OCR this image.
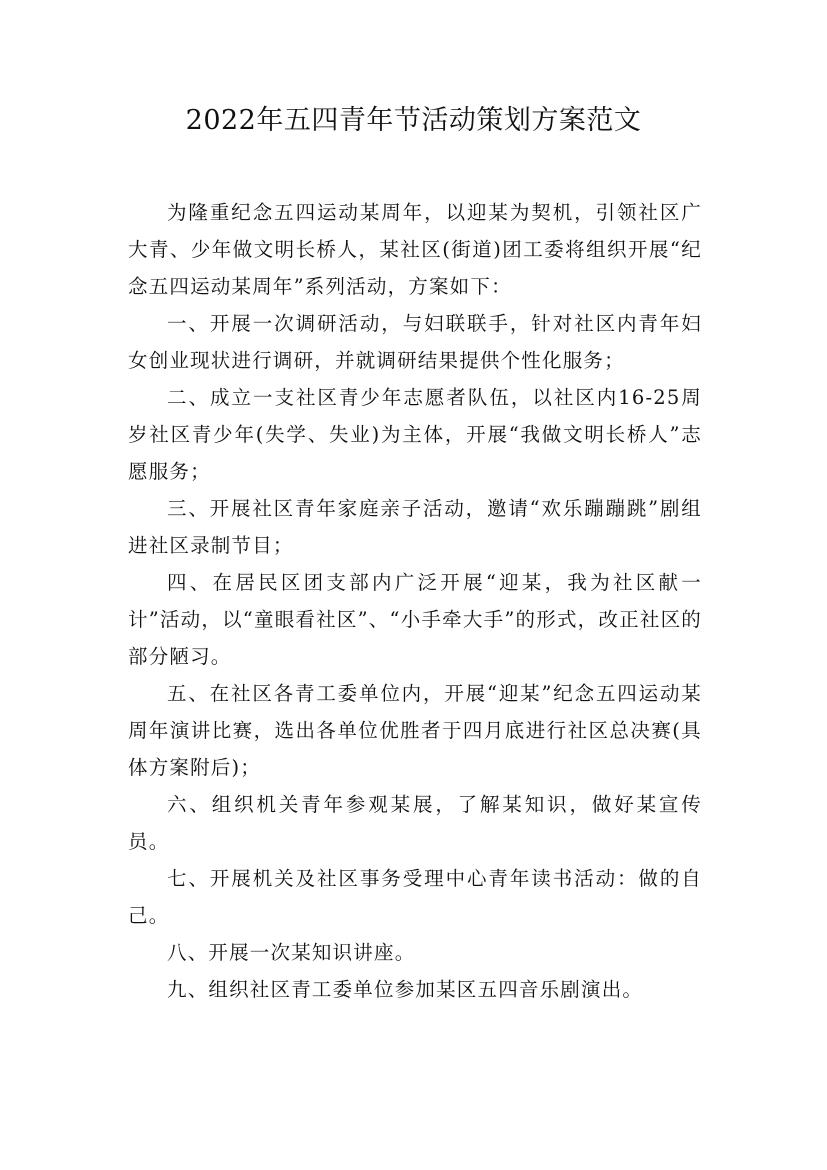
2022年五四青年节活动策划方案范文

为隆重纪念五四运动某周年，以迎某为契机，引领社区广大青、少年做文明长桥人，某社区(街道)团工委将组织开展“纪念五四运动某周年”系列活动，方案如下：

一、开展一次调研活动，与妇联联手，针对社区内青年妇女创业现状进行调研，并就调研结果提供个性化服务；

二、成立一支社区青少年志愿者队伍，以社区内16-25周岁社区青少年(失学、失业)为主体，开展“我做文明长桥人”志愿服务；

三、开展社区青年家庭亲子活动，邀请“欢乐蹦蹦跳”剧组进社区录制节目；

四、在居民区团支部内广泛开展“迎某，我为社区献一计”活动，以“童眼看社区”、“小手牵大手”的形式，改正社区的部分陋习。

五、在社区各青工委单位内，开展“迎某”纪念五四运动某周年演讲比赛，选出各单位优胜者于四月底进行社区总决赛(具体方案附后)；

六、组织机关青年参观某展，了解某知识，做好某宣传员。

七、开展机关及社区事务受理中心青年读书活动：做的自己。

八、开展一次某知识讲座。

九、组织社区青工委单位参加某区五四音乐剧演出。
